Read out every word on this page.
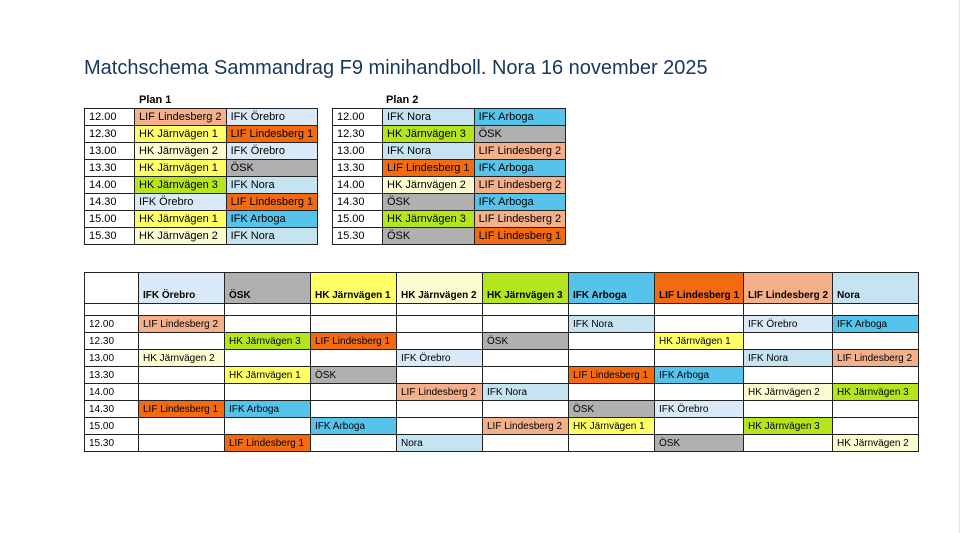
Matchschema Sammandrag F9 minihandboll. Nora 16 november 2025
Plan 1
12.00	LIF Lindesberg 2	IFK Örebro
12.30	HK Järnvägen 1	LIF Lindesberg 1
13.00	HK Järnvägen 2	IFK Örebro
13.30	HK Järnvägen 1	ÖSK
14.00	HK Järnvägen 3	IFK Nora
14.30	IFK Örebro	LIF Lindesberg 1
15.00	HK Järnvägen 1	IFK Arboga
15.30	HK Järnvägen 2	IFK Nora
Plan 2
12.00	IFK Nora	IFK Arboga
12.30	HK Järnvägen 3	ÖSK
13.00	IFK Nora	LIF Lindesberg 2
13.30	LIF Lindesberg 1	IFK Arboga
14.00	HK Järnvägen 2	LIF Lindesberg 2
14.30	ÖSK	IFK Arboga
15.00	HK Järnvägen 3	LIF Lindesberg 2
15.30	ÖSK	LIF Lindesberg 1
	IFK Örebro	ÖSK	HK Järnvägen 1	HK Järnvägen 2	HK Järnvägen 3	IFK Arboga	LIF Lindesberg 1	LIF Lindesberg 2	Nora

12.00	LIF Lindesberg 2					IFK Nora		IFK Örebro	IFK Arboga
12.30		HK Järnvägen 3	LIF Lindesberg 1		ÖSK		HK Järnvägen 1		
13.00	HK Järnvägen 2			IFK Örebro				IFK Nora	LIF Lindesberg 2
13.30		HK Järnvägen 1	ÖSK			LIF Lindesberg 1	IFK Arboga		
14.00				LIF Lindesberg 2	IFK Nora			HK Järnvägen 2	HK Järnvägen 3
14.30	LIF Lindesberg 1	IFK Arboga				ÖSK	IFK Örebro		
15.00			IFK Arboga		LIF Lindesberg 2	HK Järnvägen 1		HK Järnvägen 3	
15.30		LIF Lindesberg 1		Nora			ÖSK		HK Järnvägen 2
